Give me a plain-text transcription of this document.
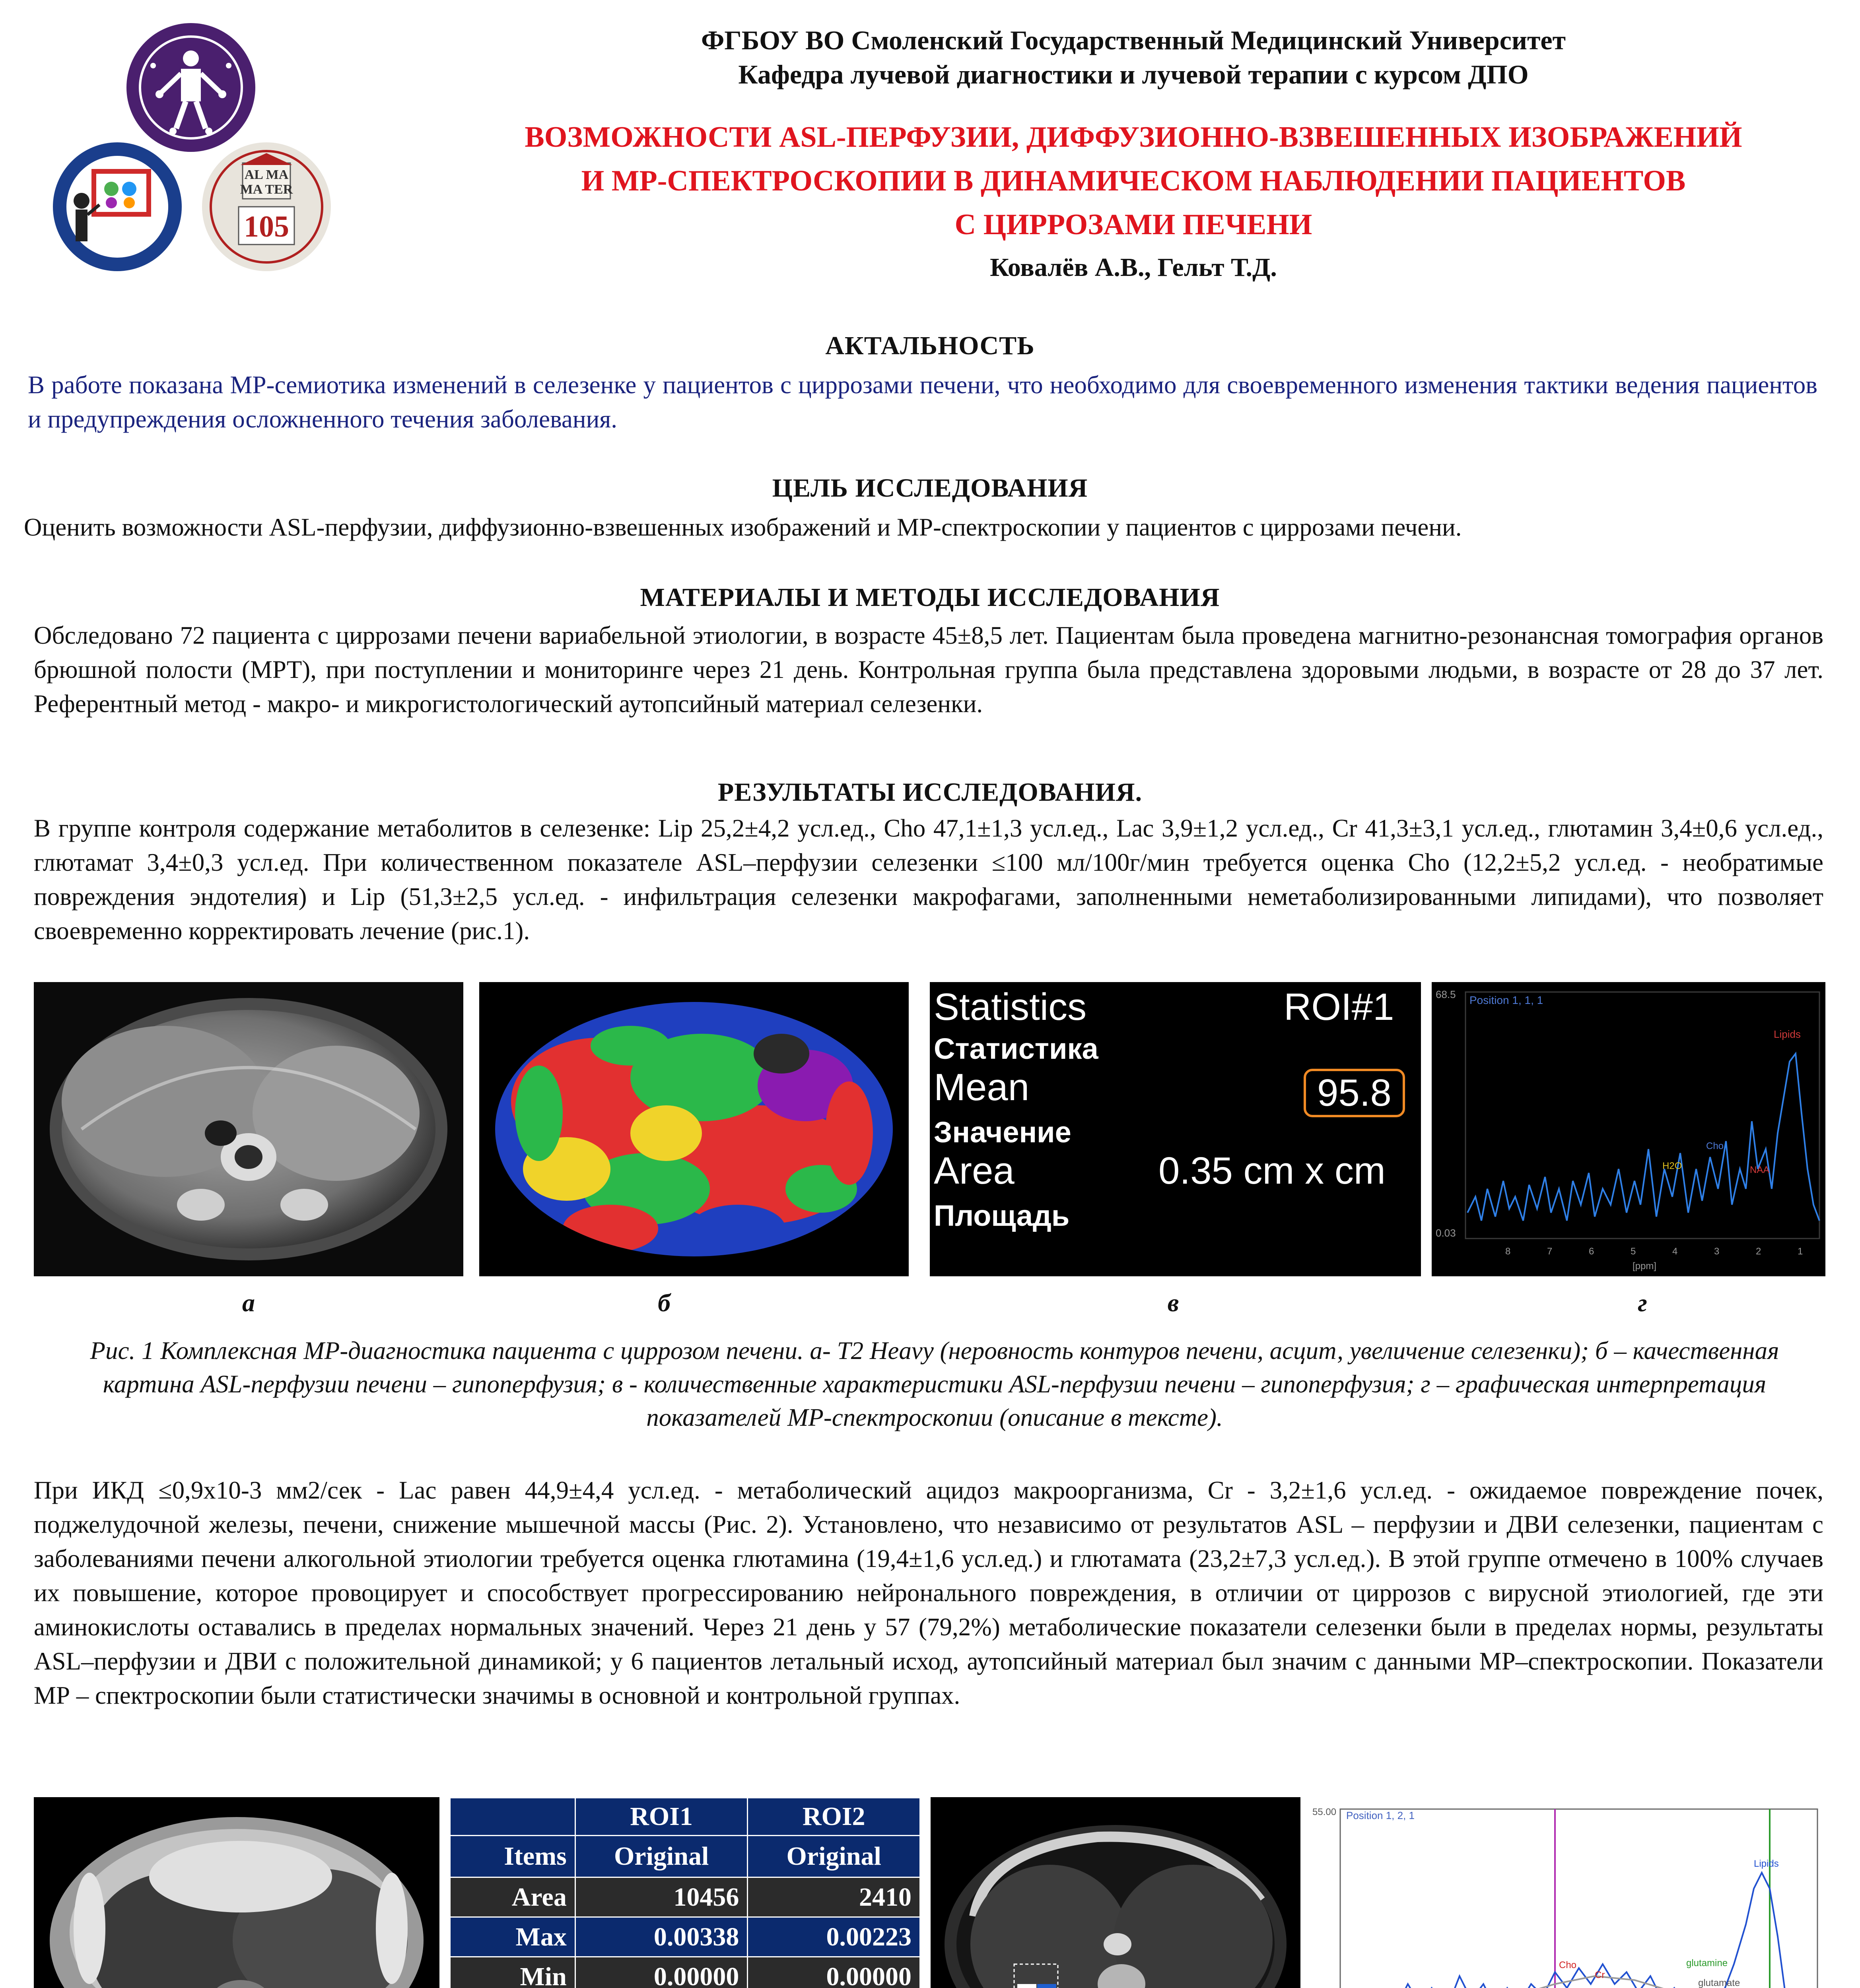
AL MA
MA TER
105
ФГБОУ ВО Смоленский Государственный Медицинский Университет
Кафедра лучевой диагностики и лучевой терапии с курсом ДПО
ВОЗМОЖНОСТИ ASL-ПЕРФУЗИИ, ДИФФУЗИОННО-ВЗВЕШЕННЫХ ИЗОБРАЖЕНИЙ
И МР-СПЕКТРОСКОПИИ В ДИНАМИЧЕСКОМ НАБЛЮДЕНИИ ПАЦИЕНТОВ
С ЦИРРОЗАМИ ПЕЧЕНИ
Ковалёв А.В., Гельт Т.Д.
АКТАЛЬНОСТЬ
В работе показана МР-семиотика изменений в селезенке у пациентов с циррозами печени, что необходимо для своевременного изменения тактики ведения пациентов и предупреждения осложненного течения заболевания.
ЦЕЛЬ ИССЛЕДОВАНИЯ
Оценить возможности ASL-перфузии, диффузионно-взвешенных изображений и МР-спектроскопии у пациентов с циррозами печени.
МАТЕРИАЛЫ И МЕТОДЫ ИССЛЕДОВАНИЯ
Обследовано 72 пациента с циррозами печени вариабельной этиологии, в возрасте 45±8,5 лет. Пациентам была проведена магнитно-резонансная томография органов брюшной полости (МРТ), при поступлении и мониторинге через 21 день. Контрольная группа была представлена здоровыми людьми, в возрасте от 28 до 37 лет. Референтный метод - макро- и микрогистологический аутопсийный материал селезенки.
РЕЗУЛЬТАТЫ ИССЛЕДОВАНИЯ.
В группе контроля содержание метаболитов в селезенке: Lip 25,2±4,2 усл.ед., Cho 47,1±1,3 усл.ед., Lac 3,9±1,2 усл.ед., Cr 41,3±3,1 усл.ед., глютамин 3,4±0,6 усл.ед., глютамат 3,4±0,3 усл.ед. При количественном показателе ASL–перфузии селезенки ≤100 мл/100г/мин требуется оценка Cho (12,2±5,2 усл.ед. - необратимые повреждения эндотелия) и Lip (51,3±2,5 усл.ед. - инфильтрация селезенки макрофагами, заполненными неметаболизированными липидами), что позволяет своевременно корректировать лечение (рис.1).
Statistics	ROI#1
Статистика
Mean	95.8
Значение
Area	0.35 cm x cm
Площадь
68.5
0.03
Position 1, 1, 1
Lipids
Cho
H2O	NAA
8	7	6	5	4	3	2	1
[ppm]
а	б	в	г
Рис. 1 Комплексная МР-диагностика пациента с циррозом печени. а- Т2 Heavy (неровность контуров печени, асцит, увеличение селезенки); б – качественная картина ASL-перфузии печени – гипоперфузия; в - количественные характеристики ASL-перфузии печени – гипоперфузия; г – графическая интерпретация показателей МР-спектроскопии (описание в тексте).
При ИКД ≤0,9х10-3 мм2/сек - Lac равен 44,9±4,4 усл.ед. - метаболический ацидоз макроорганизма, Cr - 3,2±1,6 усл.ед. - ожидаемое повреждение почек, поджелудочной железы, печени, снижение мышечной массы (Рис. 2). Установлено, что независимо от результатов ASL – перфузии и ДВИ селезенки, пациентам с заболеваниями печени алкогольной этиологии требуется оценка глютамина (19,4±1,6 усл.ед.) и глютамата (23,2±7,3 усл.ед.). В этой группе отмечено в 100% случаев их повышение, которое провоцирует и способствует прогрессированию нейронального повреждения, в отличии от циррозов с вирусной этиологией, где эти аминокислоты оставались в пределах нормальных значений. Через 21 день у 57 (79,2%) метаболические показатели селезенки были в пределах нормы, результаты ASL–перфузии и ДВИ с положительной динамикой; у 6 пациентов летальный исход, аутопсийный материал был значим с данными МР–спектроскопии. Показатели МР – спектроскопии были статистически значимы в основной и контрольной группах.
	ROI1	ROI2
Items	Original	Original
Area	10456	2410
Max	0.00338	0.00223
Min	0.00000	0.00000

55.00 Position 1, 2, 1
Lipids
Cho
Cr
glutamine
glutamate
